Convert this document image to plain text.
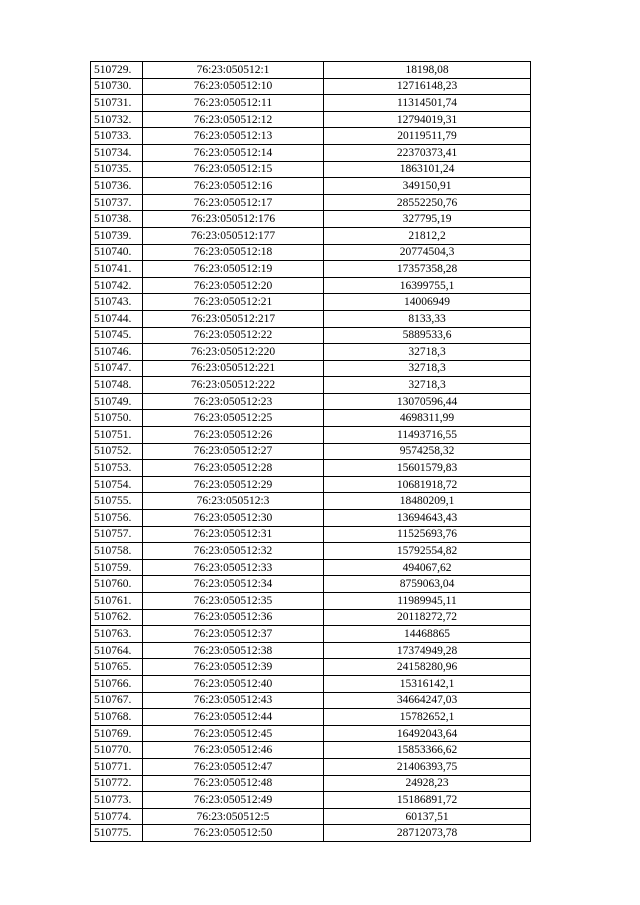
510729.	76:23:050512:1	18198,08
510730.	76:23:050512:10	12716148,23
510731.	76:23:050512:11	11314501,74
510732.	76:23:050512:12	12794019,31
510733.	76:23:050512:13	20119511,79
510734.	76:23:050512:14	22370373,41
510735.	76:23:050512:15	1863101,24
510736.	76:23:050512:16	349150,91
510737.	76:23:050512:17	28552250,76
510738.	76:23:050512:176	327795,19
510739.	76:23:050512:177	21812,2
510740.	76:23:050512:18	20774504,3
510741.	76:23:050512:19	17357358,28
510742.	76:23:050512:20	16399755,1
510743.	76:23:050512:21	14006949
510744.	76:23:050512:217	8133,33
510745.	76:23:050512:22	5889533,6
510746.	76:23:050512:220	32718,3
510747.	76:23:050512:221	32718,3
510748.	76:23:050512:222	32718,3
510749.	76:23:050512:23	13070596,44
510750.	76:23:050512:25	4698311,99
510751.	76:23:050512:26	11493716,55
510752.	76:23:050512:27	9574258,32
510753.	76:23:050512:28	15601579,83
510754.	76:23:050512:29	10681918,72
510755.	76:23:050512:3	18480209,1
510756.	76:23:050512:30	13694643,43
510757.	76:23:050512:31	11525693,76
510758.	76:23:050512:32	15792554,82
510759.	76:23:050512:33	494067,62
510760.	76:23:050512:34	8759063,04
510761.	76:23:050512:35	11989945,11
510762.	76:23:050512:36	20118272,72
510763.	76:23:050512:37	14468865
510764.	76:23:050512:38	17374949,28
510765.	76:23:050512:39	24158280,96
510766.	76:23:050512:40	15316142,1
510767.	76:23:050512:43	34664247,03
510768.	76:23:050512:44	15782652,1
510769.	76:23:050512:45	16492043,64
510770.	76:23:050512:46	15853366,62
510771.	76:23:050512:47	21406393,75
510772.	76:23:050512:48	24928,23
510773.	76:23:050512:49	15186891,72
510774.	76:23:050512:5	60137,51
510775.	76:23:050512:50	28712073,78
